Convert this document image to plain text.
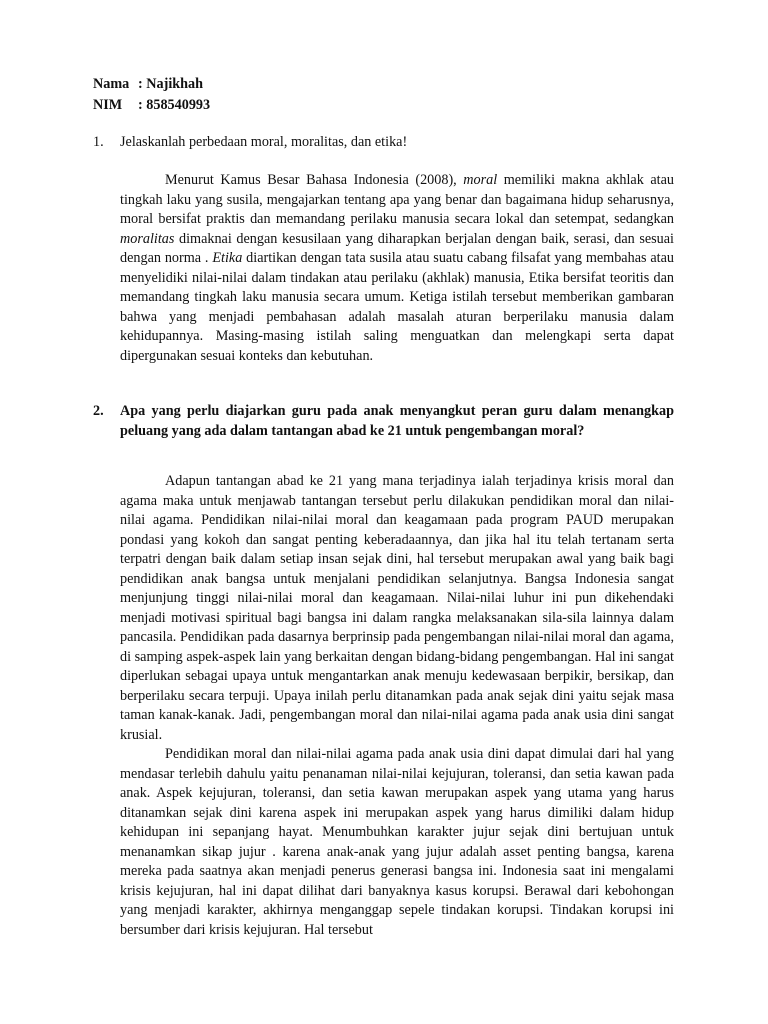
Nama : Najikhah
NIM	: 858540993
1.	Jelaskanlah perbedaan moral, moralitas, dan etika!

Menurut Kamus Besar Bahasa Indonesia (2008), moral memiliki makna akhlak atau tingkah laku yang susila, mengajarkan tentang apa yang benar dan bagaimana hidup seharusnya, moral bersifat praktis dan memandang perilaku manusia secara lokal dan setempat, sedangkan moralitas dimaknai dengan kesusilaan yang diharapkan berjalan dengan baik, serasi, dan sesuai dengan norma . Etika diartikan dengan tata susila atau suatu cabang filsafat yang membahas atau menyelidiki nilai-nilai dalam tindakan atau perilaku (akhlak) manusia, Etika bersifat teoritis dan memandang tingkah laku manusia secara umum. Ketiga istilah tersebut memberikan gambaran bahwa yang menjadi pembahasan adalah masalah aturan berperilaku manusia dalam kehidupannya. Masing-masing istilah saling menguatkan dan melengkapi serta dapat dipergunakan sesuai konteks dan kebutuhan.

2.	Apa yang perlu diajarkan guru pada anak menyangkut peran guru dalam menangkap peluang yang ada dalam tantangan abad ke 21 untuk pengembangan moral?

Adapun tantangan abad ke 21 yang mana terjadinya ialah terjadinya krisis moral dan agama maka untuk menjawab tantangan tersebut perlu dilakukan pendidikan moral dan nilai-nilai agama. Pendidikan nilai-nilai moral dan keagamaan pada program PAUD merupakan pondasi yang kokoh dan sangat penting keberadaannya, dan jika hal itu telah tertanam serta terpatri dengan baik dalam setiap insan sejak dini, hal tersebut merupakan awal yang baik bagi pendidikan anak bangsa untuk menjalani pendidikan selanjutnya. Bangsa Indonesia sangat menjunjung tinggi nilai-nilai moral dan keagamaan. Nilai-nilai luhur ini pun dikehendaki menjadi motivasi spiritual bagi bangsa ini dalam rangka melaksanakan sila-sila lainnya dalam pancasila. Pendidikan pada dasarnya berprinsip pada pengembangan nilai-nilai moral dan agama, di samping aspek-aspek lain yang berkaitan dengan bidang-bidang pengembangan. Hal ini sangat diperlukan sebagai upaya untuk mengantarkan anak menuju kedewasaan berpikir, bersikap, dan berperilaku secara terpuji. Upaya inilah perlu ditanamkan pada anak sejak dini yaitu sejak masa taman kanak-kanak. Jadi, pengembangan moral dan nilai-nilai agama pada anak usia dini sangat krusial.

Pendidikan moral dan nilai-nilai agama pada anak usia dini dapat dimulai dari hal yang mendasar terlebih dahulu yaitu penanaman nilai-nilai kejujuran, toleransi, dan setia kawan pada anak. Aspek kejujuran, toleransi, dan setia kawan merupakan aspek yang utama yang harus ditanamkan sejak dini karena aspek ini merupakan aspek yang harus dimiliki dalam hidup kehidupan ini sepanjang hayat. Menumbuhkan karakter jujur sejak dini bertujuan untuk menanamkan sikap jujur . karena anak-anak yang jujur adalah asset penting bangsa, karena mereka pada saatnya akan menjadi penerus generasi bangsa ini. Indonesia saat ini mengalami krisis kejujuran, hal ini dapat dilihat dari banyaknya kasus korupsi. Berawal dari kebohongan yang menjadi karakter, akhirnya menganggap sepele tindakan korupsi. Tindakan korupsi ini bersumber dari krisis kejujuran. Hal tersebut
